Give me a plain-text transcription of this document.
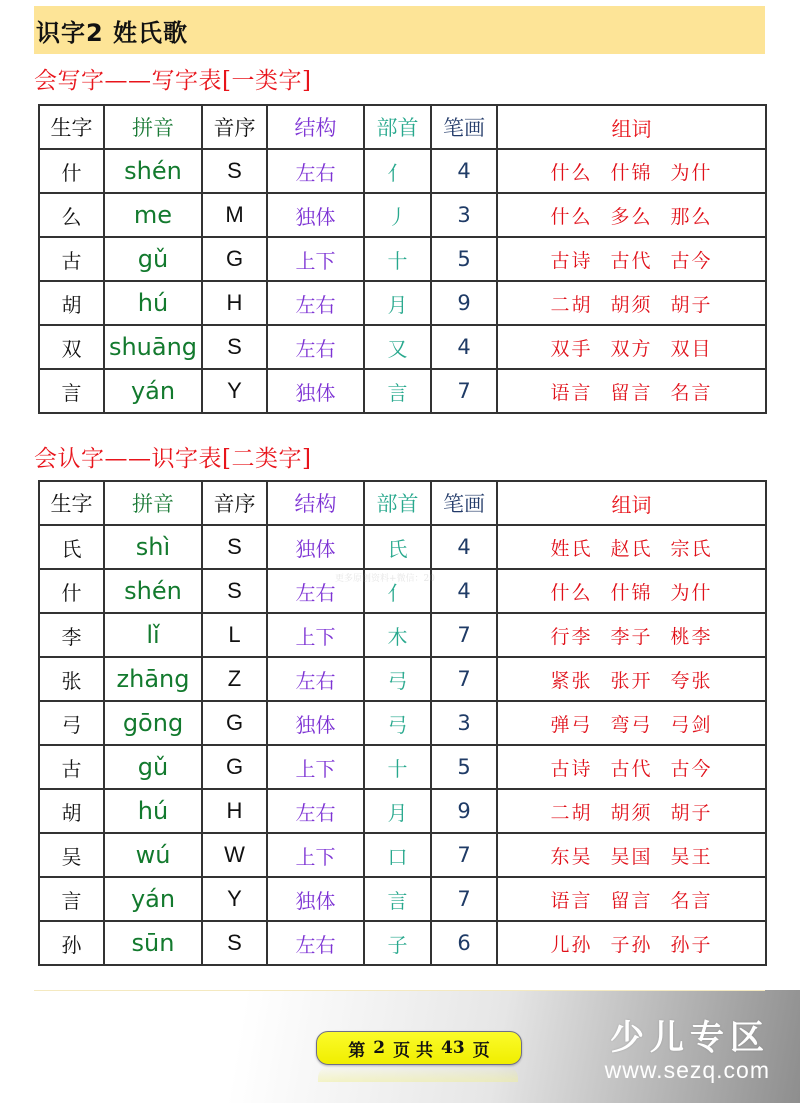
识字2 姓氏歌
会写字——写字表[一类字]
生字	拼音	音序	结构	部首	笔画	组词
什	shén	S	左右	亻	4	什么 什锦 为什
么	me	M	独体	丿	3	什么 多么 那么
古	gǔ	G	上下	十	5	古诗 古代 古今
胡	hú	H	左右	月	9	二胡 胡须 胡子
双	shuāng	S	左右	又	4	双手 双方 双目
言	yán	Y	独体	言	7	语言 留言 名言
会认字——识字表[二类字]
生字	拼音	音序	结构	部首	笔画	组词
氏	shì	S	独体	氏	4	姓氏 赵氏 宗氏
什	shén	S	左右	亻	4	什么 什锦 为什
李	lǐ	L	上下	木	7	行李 李子 桃李
张	zhāng	Z	左右	弓	7	紧张 张开 夸张
弓	gōng	G	独体	弓	3	弹弓 弯弓 弓剑
古	gǔ	G	上下	十	5	古诗 古代 古今
胡	hú	H	左右	月	9	二胡 胡须 胡子
吴	wú	W	上下	口	7	东吴 吴国 吴王
言	yán	Y	独体	言	7	语言 留言 名言
孙	sūn	S	左右	子	6	儿孙 子孙 孙子
更多原创资料+微信：20
第 2 页 共 43 页	少儿专区
www.sezq.com
